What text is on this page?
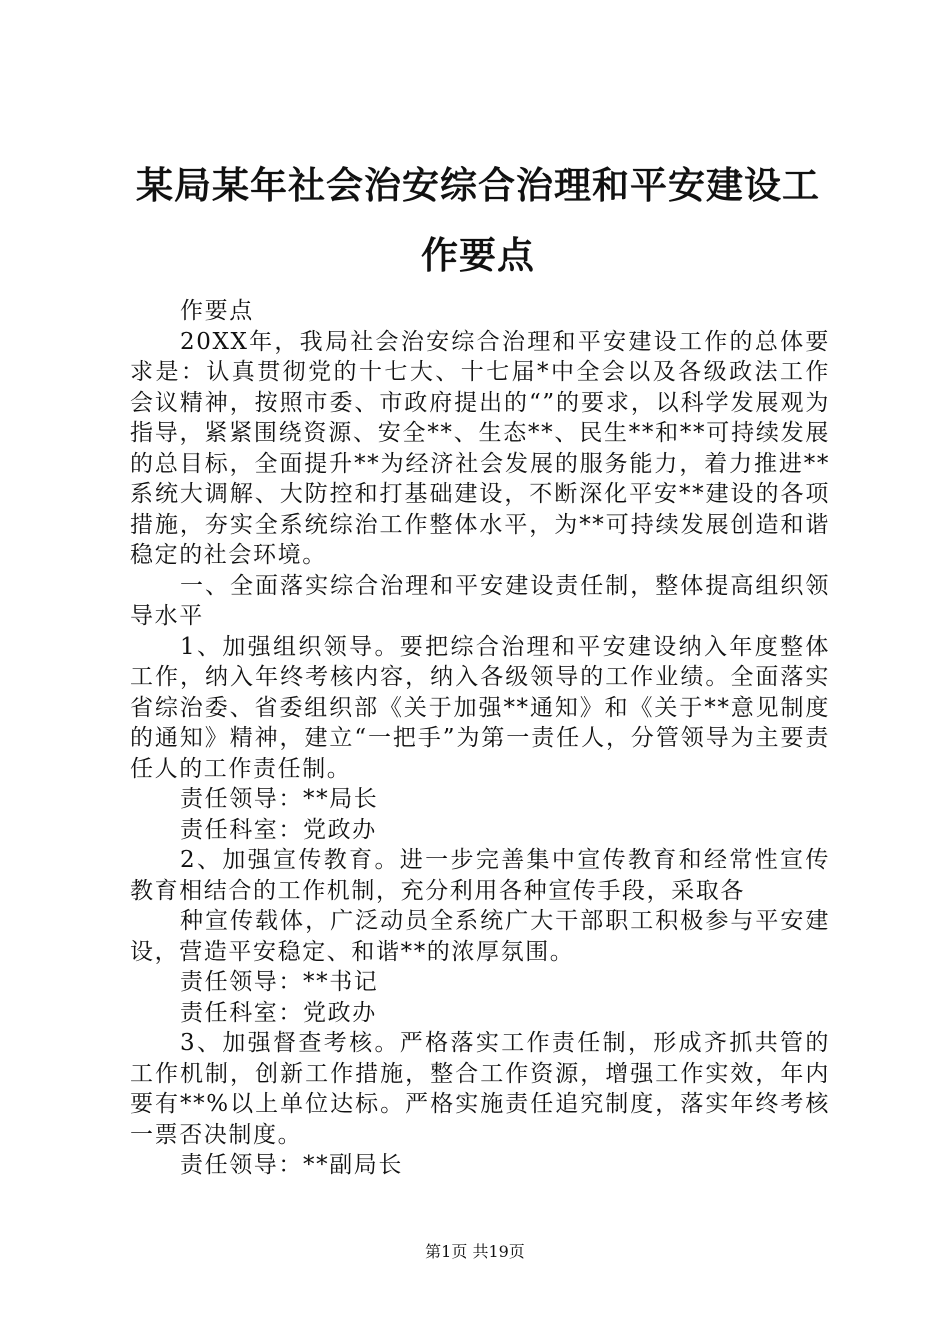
某局某年社会治安综合治理和平安建设工作要点

作要点

20XX年，我局社会治安综合治理和平安建设工作的总体要求是：认真贯彻党的十七大、十七届*中全会以及各级政法工作会议精神，按照市委、市政府提出的“”的要求，以科学发展观为指导，紧紧围绕资源、安全**、生态**、民生**和**可持续发展的总目标，全面提升**为经济社会发展的服务能力，着力推进**系统大调解、大防控和打基础建设，不断深化平安**建设的各项措施，夯实全系统综治工作整体水平，为**可持续发展创造和谐稳定的社会环境。

一、全面落实综合治理和平安建设责任制，整体提高组织领导水平

1、加强组织领导。要把综合治理和平安建设纳入年度整体工作，纳入年终考核内容，纳入各级领导的工作业绩。全面落实省综治委、省委组织部《关于加强**通知》和《关于**意见制度的通知》精神，建立“一把手”为第一责任人，分管领导为主要责任人的工作责任制。

责任领导：**局长

责任科室：党政办

2、加强宣传教育。进一步完善集中宣传教育和经常性宣传教育相结合的工作机制，充分利用各种宣传手段，采取各

种宣传载体，广泛动员全系统广大干部职工积极参与平安建设，营造平安稳定、和谐**的浓厚氛围。

责任领导：**书记

责任科室：党政办

3、加强督查考核。严格落实工作责任制，形成齐抓共管的工作机制，创新工作措施，整合工作资源，增强工作实效，年内要有**%以上单位达标。严格实施责任追究制度，落实年终考核一票否决制度。

责任领导：**副局长

第1页 共19页
